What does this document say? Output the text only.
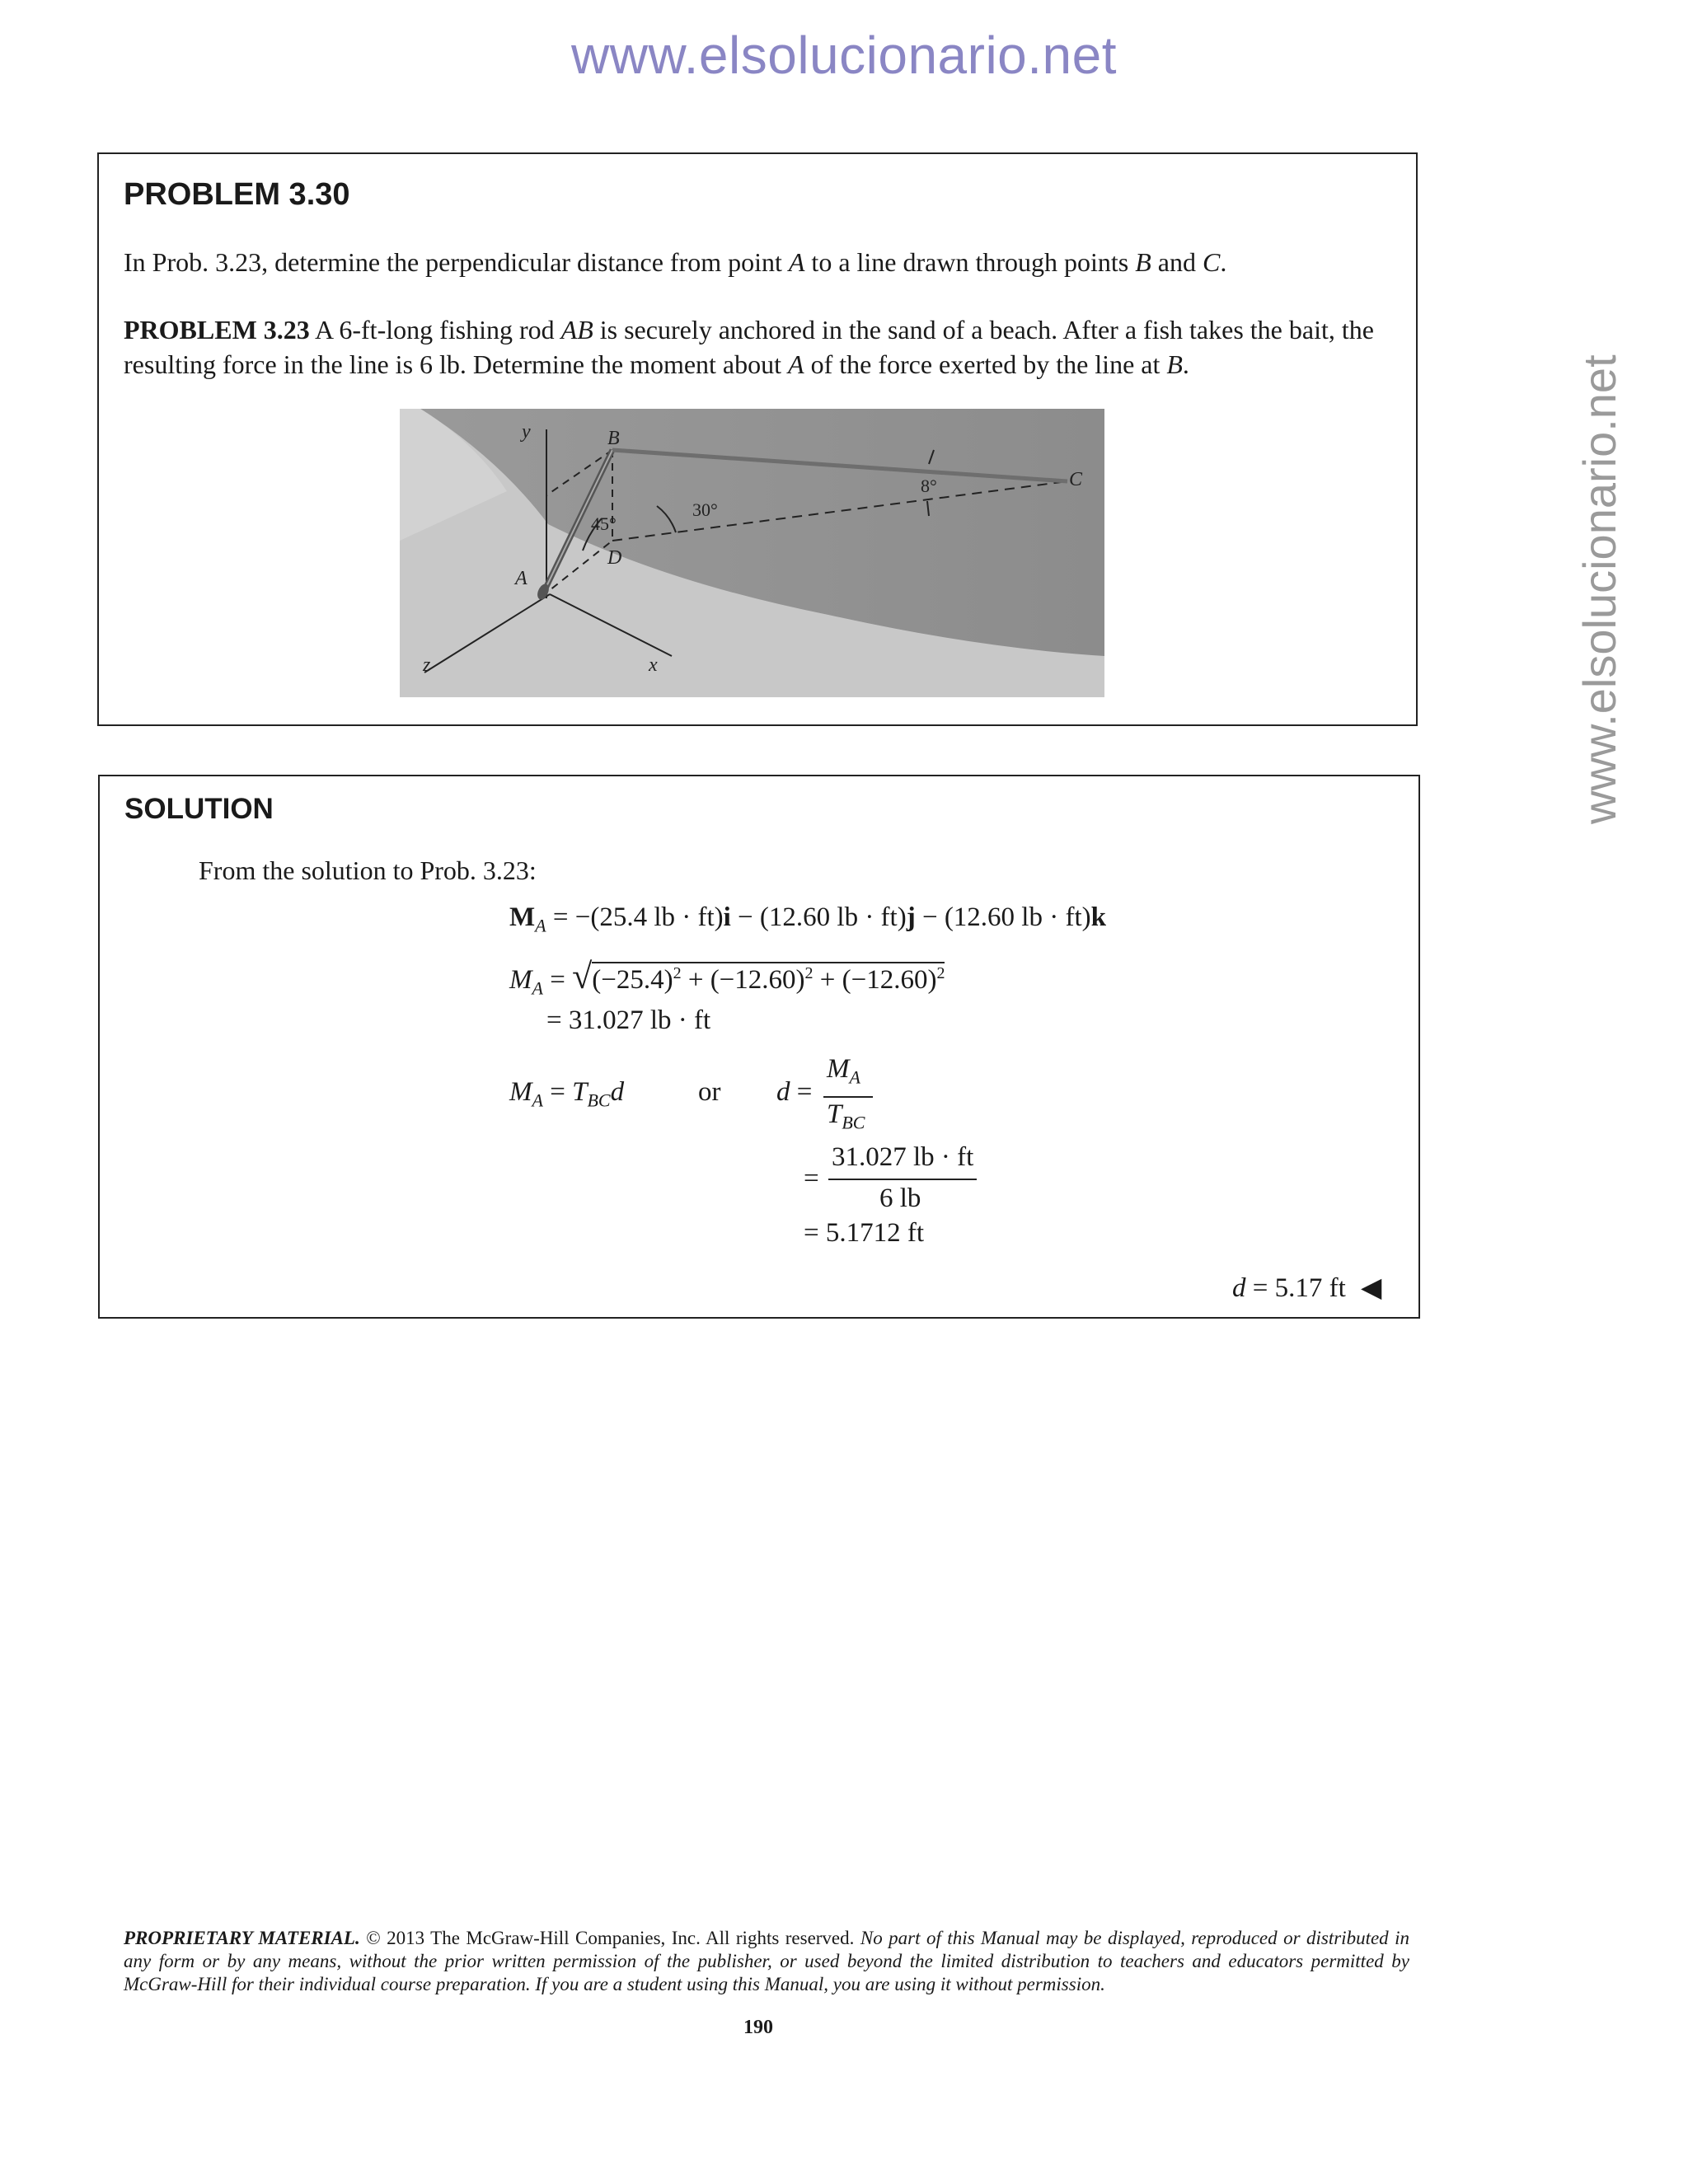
www.elsolucionario.net
www.elsolucionario.net
PROBLEM 3.30
In Prob. 3.23, determine the perpendicular distance from point A to a line drawn through points B and C.
PROBLEM 3.23 A 6-ft-long fishing rod AB is securely anchored in the sand of a beach. After a fish takes the bait, the resulting force in the line is 6 lb. Determine the moment about A of the force exerted by the line at B.
y	B
C
A
D
z	x
45°
30°
8°
SOLUTION
From the solution to Prob. 3.23:
$M_A = -(25.4$ lb · ft)i − (12.60 lb · ft)j − (12.60 lb · ft)k
$M_A = √(-25.4)^2 + (-12.60)^2 + (-12.60)^2$
= 31.027 lb · ft
$M_A = T_{BC}d$	or d =
$M_A$
$T_{BC}$
=
31.027 lb · ft
6 lb
= 5.1712 ft
d = 5.17 ft ◀
PROPRIETARY MATERIAL. © 2013 The McGraw-Hill Companies, Inc. All rights reserved. No part of this Manual may be displayed, reproduced or distributed in any form or by any means, without the prior written permission of the publisher, or used beyond the limited distribution to teachers and educators permitted by McGraw-Hill for their individual course preparation. If you are a student using this Manual, you are using it without permission.
190
